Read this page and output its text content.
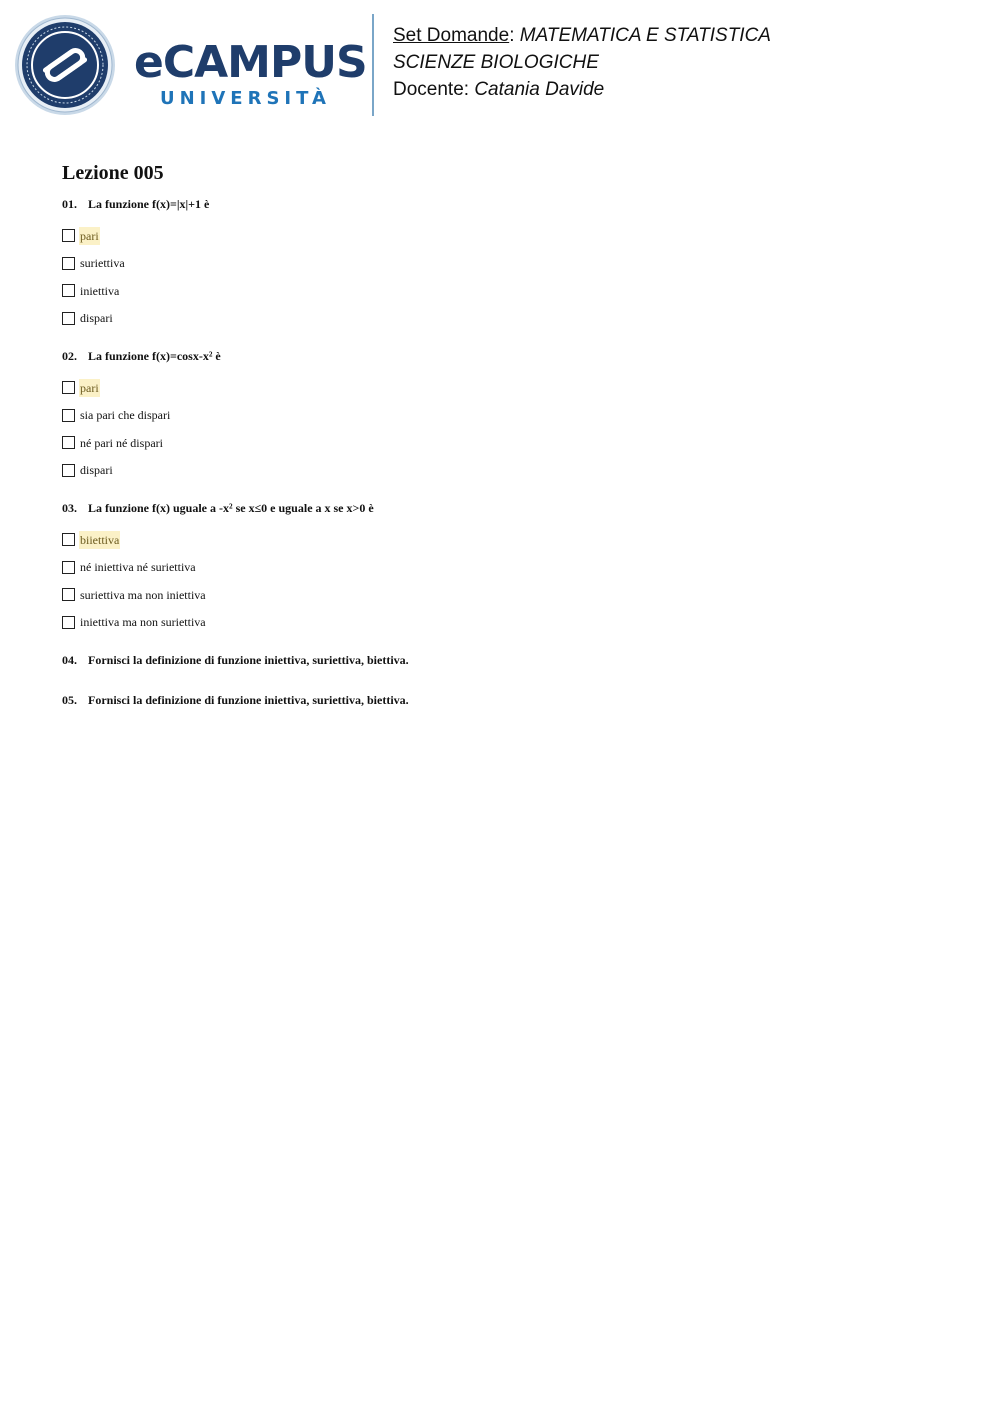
eCAMPUS
UNIVERSITÀ
Set Domande: MATEMATICA E STATISTICA
SCIENZE BIOLOGICHE
Docente: Catania Davide
Lezione 005
01. La funzione f(x)=|x|+1 è
pari
suriettiva
iniettiva
dispari
02. La funzione f(x)=cosx-x² è
pari
sia pari che dispari
né pari né dispari
dispari
03. La funzione f(x) uguale a -x² se x≤0 e uguale a x se x>0 è
biiettiva
né iniettiva né suriettiva
suriettiva ma non iniettiva
iniettiva ma non suriettiva
04. Fornisci la definizione di funzione iniettiva, suriettiva, biettiva.
05. Fornisci la definizione di funzione iniettiva, suriettiva, biettiva.
